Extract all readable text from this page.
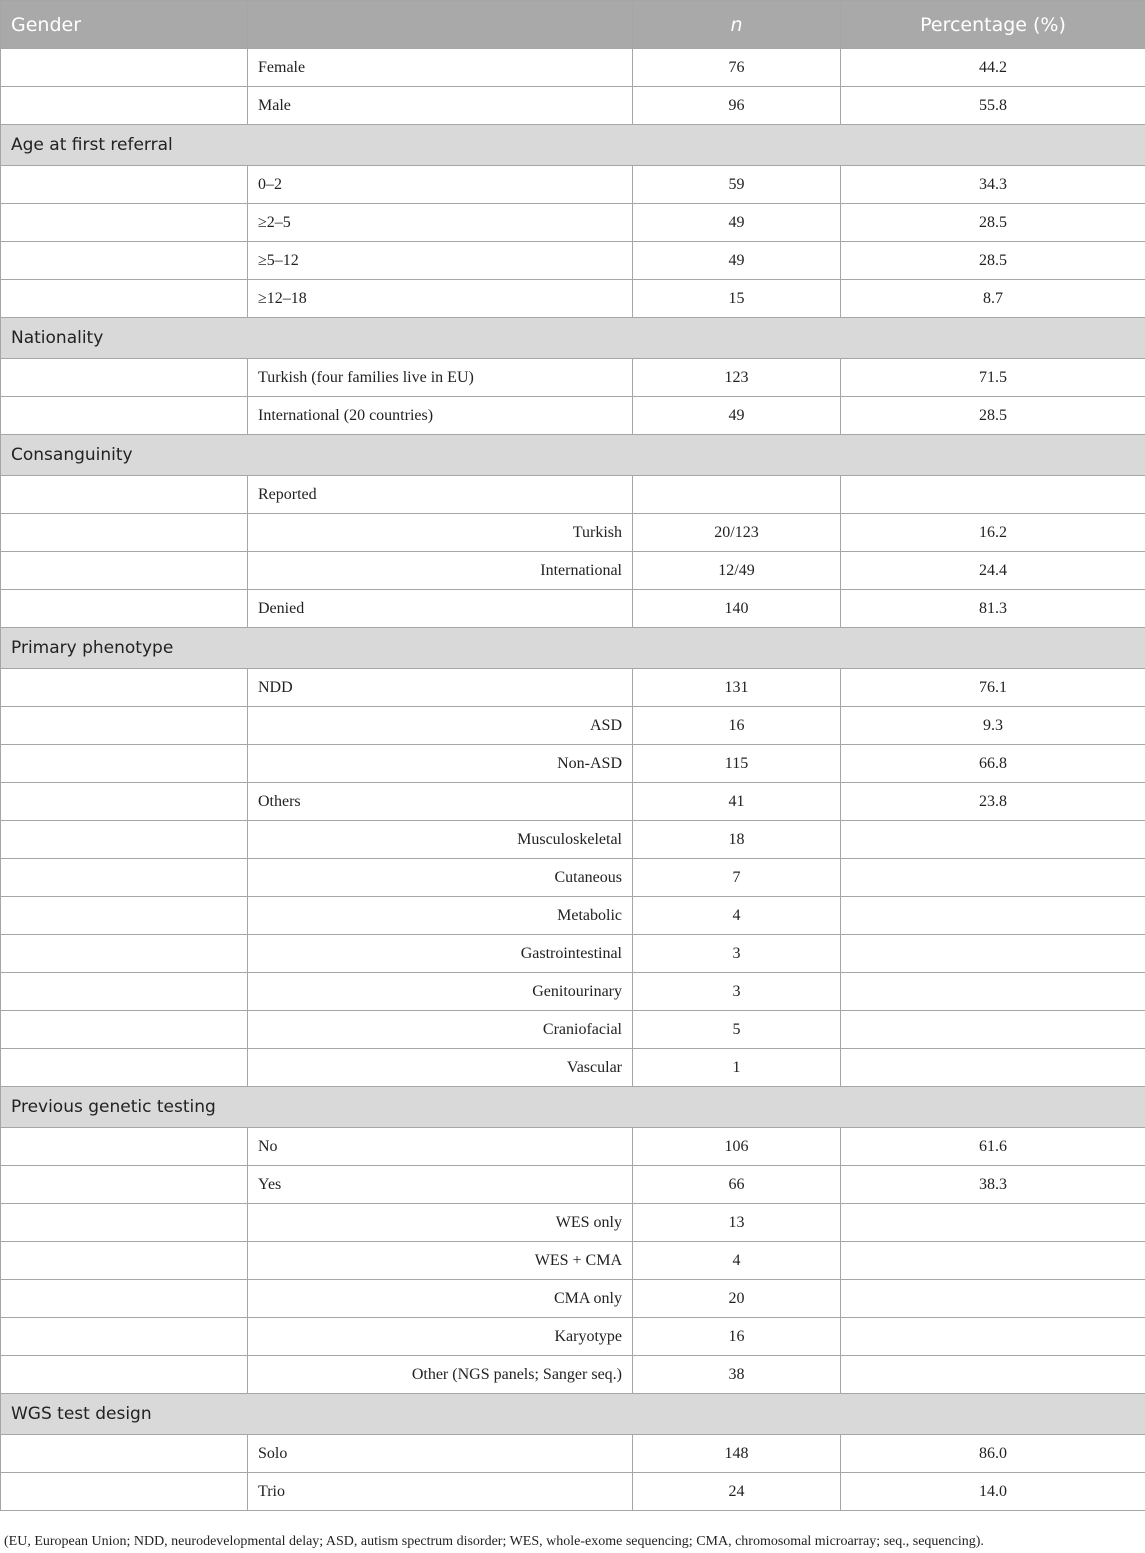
Gender		n	Percentage (%)
	Female	76	44.2
	Male	96	55.8
Age at first referral			
	0–2	59	34.3
	≥2–5	49	28.5
	≥5–12	49	28.5
	≥12–18	15	8.7
Nationality			
	Turkish (four families live in EU)	123	71.5
	International (20 countries)	49	28.5
Consanguinity			
	Reported		
	Turkish	20/123	16.2
	International	12/49	24.4
	Denied	140	81.3
Primary phenotype			
	NDD	131	76.1
	ASD	16	9.3
	Non-ASD	115	66.8
	Others	41	23.8
	Musculoskeletal	18	
	Cutaneous	7	
	Metabolic	4	
	Gastrointestinal	3	
	Genitourinary	3	
	Craniofacial	5	
	Vascular	1	
Previous genetic testing			
	No	106	61.6
	Yes	66	38.3
	WES only	13	
	WES + CMA	4	
	CMA only	20	
	Karyotype	16	
	Other (NGS panels; Sanger seq.)	38	
WGS test design			
	Solo	148	86.0
	Trio	24	14.0
(EU, European Union; NDD, neurodevelopmental delay; ASD, autism spectrum disorder; WES, whole-exome sequencing; CMA, chromosomal microarray; seq., sequencing).
